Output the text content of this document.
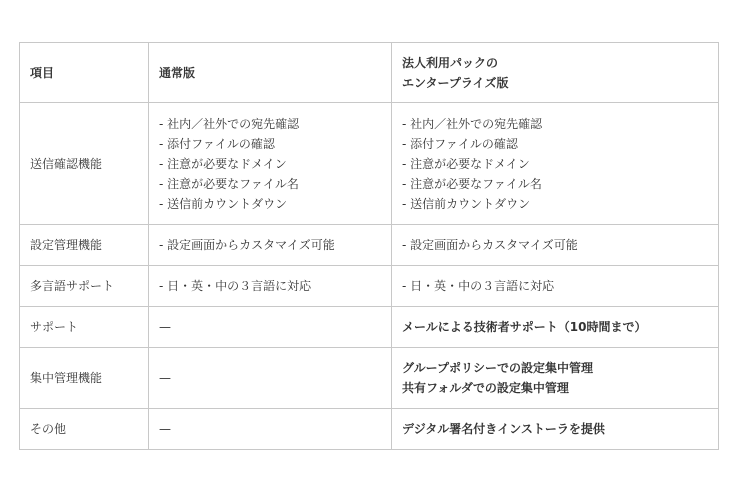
項目	通常版	法人利用パックの
エンタープライズ版

送信確認機能	- 社内／社外での宛先確認
- 添付ファイルの確認
- 注意が必要なドメイン
- 注意が必要なファイル名
- 送信前カウントダウン	- 社内／社外での宛先確認
- 添付ファイルの確認
- 注意が必要なドメイン
- 注意が必要なファイル名
- 送信前カウントダウン

設定管理機能	- 設定画面からカスタマイズ可能	- 設定画面からカスタマイズ可能
多言語サポート	- 日・英・中の３言語に対応	- 日・英・中の３言語に対応
サポート	—	メールによる技術者サポート（10時間まで）
集中管理機能	—	グループポリシーでの設定集中管理
共有フォルダでの設定集中管理

その他	—	デジタル署名付きインストーラを提供
